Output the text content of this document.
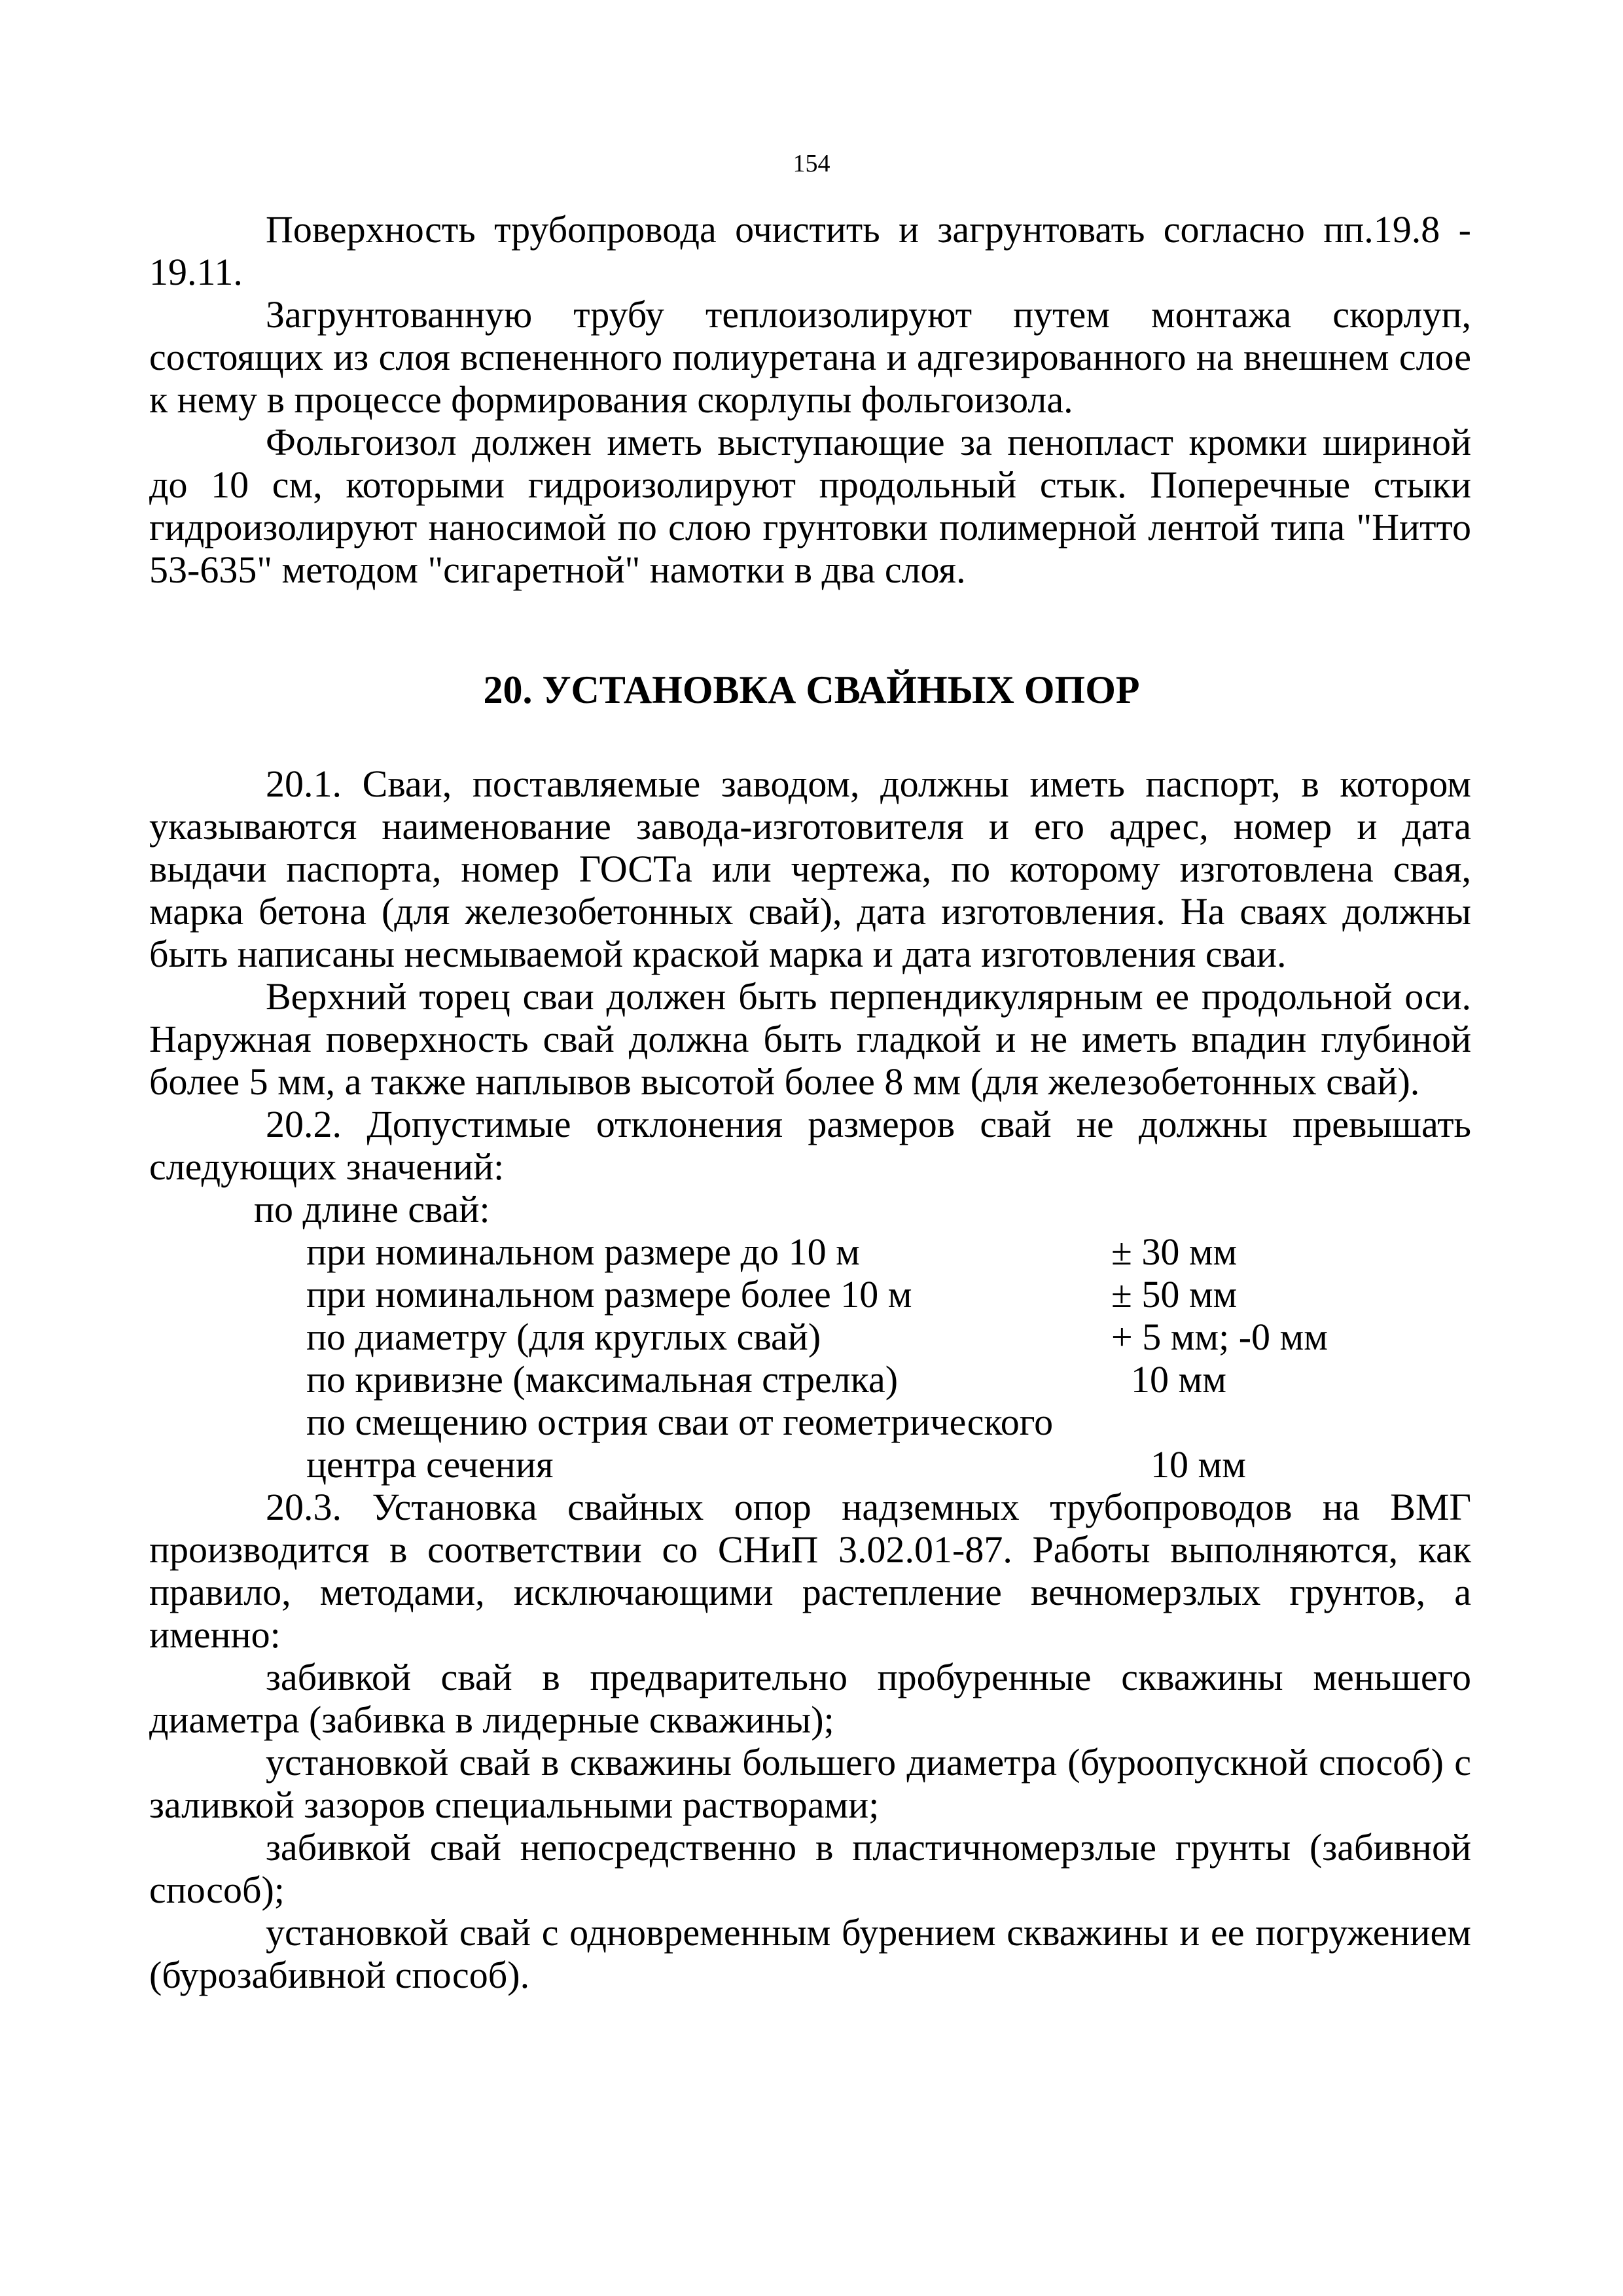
154

Поверхность трубопровода очистить и загрунтовать согласно пп.19.8 - 19.11.

Загрунтованную трубу теплоизолируют путем монтажа скорлуп, состоящих из слоя вспененного полиуретана и адгезированного на внешнем слое к нему в процессе формирования скорлупы фольгоизола.

Фольгоизол должен иметь выступающие за пенопласт кромки шириной до 10 см, которыми гидроизолируют продольный стык. Поперечные стыки гидроизолируют наносимой по слою грунтовки полимерной лентой типа "Нитто 53-635" методом "сигаретной" намотки в два слоя.

20. УСТАНОВКА СВАЙНЫХ ОПОР

20.1. Сваи, поставляемые заводом, должны иметь паспорт, в котором указываются наименование завода-изготовителя и его адрес, номер и дата выдачи паспорта, номер ГОСТа или чертежа, по которому изготовлена свая, марка бетона (для железобетонных свай), дата изготовления. На сваях должны быть написаны несмываемой краской марка и дата изготовления сваи.

Верхний торец сваи должен быть перпендикулярным ее продольной оси. Наружная поверхность свай должна быть гладкой и не иметь впадин глубиной более 5 мм, а также наплывов высотой более 8 мм (для железобетонных свай).

20.2. Допустимые отклонения размеров свай не должны превышать следующих значений:

по длине свай:

при номинальном размере до 10 м	± 30 мм
при номинальном размере более 10 м	± 50 мм
по диаметру (для круглых свай)	+ 5 мм; -0 мм
по кривизне (максимальная стрелка)	10 мм
по смещению острия сваи от геометрического
центра сечения	10 мм

20.3. Установка свайных опор надземных трубопроводов на ВМГ производится в соответствии со СНиП 3.02.01-87. Работы выполняются, как правило, методами, исключающими растепление вечномерзлых грунтов, а именно:

забивкой свай в предварительно пробуренные скважины меньшего диаметра (забивка в лидерные скважины);

установкой свай в скважины большего диаметра (буроопускной способ) с заливкой зазоров специальными растворами;

забивкой свай непосредственно в пластичномерзлые грунты (забивной способ);

установкой свай с одновременным бурением скважины и ее погружением (бурозабивной способ).
